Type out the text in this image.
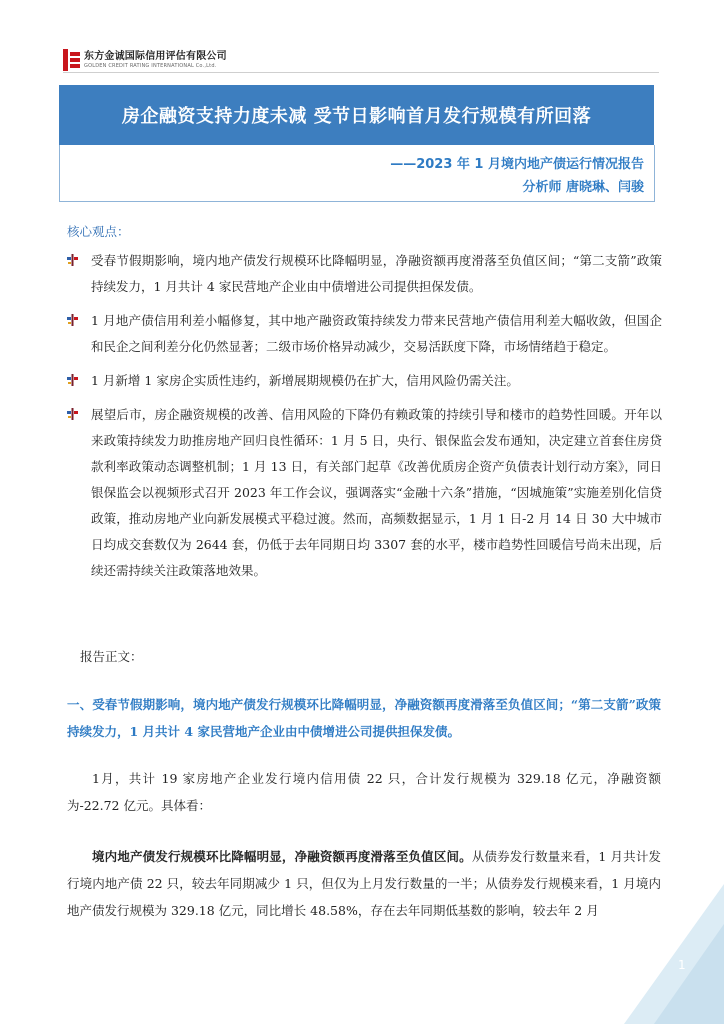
东方金诚国际信用评估有限公司
GOLDEN CREDIT RATING INTERNATIONAL Co.,Ltd.
房企融资支持力度未减 受节日影响首月发行规模有所回落
——2023 年 1 月境内地产债运行情况报告
分析师 唐晓琳、闫骏
核心观点：

受春节假期影响，境内地产债发行规模环比降幅明显，净融资额再度滑落至负值区间；“第二支箭”政策持续发力，1 月共计 4 家民营地产企业由中债增进公司提供担保发债。

1 月地产债信用利差小幅修复，其中地产融资政策持续发力带来民营地产债信用利差大幅收敛，但国企和民企之间利差分化仍然显著；二级市场价格异动减少，交易活跃度下降，市场情绪趋于稳定。

1 月新增 1 家房企实质性违约，新增展期规模仍在扩大，信用风险仍需关注。

展望后市，房企融资规模的改善、信用风险的下降仍有赖政策的持续引导和楼市的趋势性回暖。开年以来政策持续发力助推房地产回归良性循环：1 月 5 日，央行、银保监会发布通知，决定建立首套住房贷款利率政策动态调整机制；1 月 13 日，有关部门起草《改善优质房企资产负债表计划行动方案》，同日银保监会以视频形式召开 2023 年工作会议，强调落实“金融十六条”措施，“因城施策”实施差别化信贷政策，推动房地产业向新发展模式平稳过渡。然而，高频数据显示，1 月 1 日-2 月 14 日 30 大中城市日均成交套数仅为 2644 套，仍低于去年同期日均 3307 套的水平，楼市趋势性回暖信号尚未出现，后续还需持续关注政策落地效果。

报告正文：
一、受春节假期影响，境内地产债发行规模环比降幅明显，净融资额再度滑落至负值区间；“第二支箭”政策持续发力，1 月共计 4 家民营地产企业由中债增进公司提供担保发债。

1月，共计 19 家房地产企业发行境内信用债 22 只，合计发行规模为 329.18 亿元，净融资额为-22.72 亿元。具体看：

境内地产债发行规模环比降幅明显，净融资额再度滑落至负值区间。从债券发行数量来看，1 月共计发行境内地产债 22 只，较去年同期减少 1 只，但仅为上月发行数量的一半；从债券发行规模来看，1 月境内地产债发行规模为 329.18 亿元，同比增长 48.58%，存在去年同期低基数的影响，较去年 2 月

1
